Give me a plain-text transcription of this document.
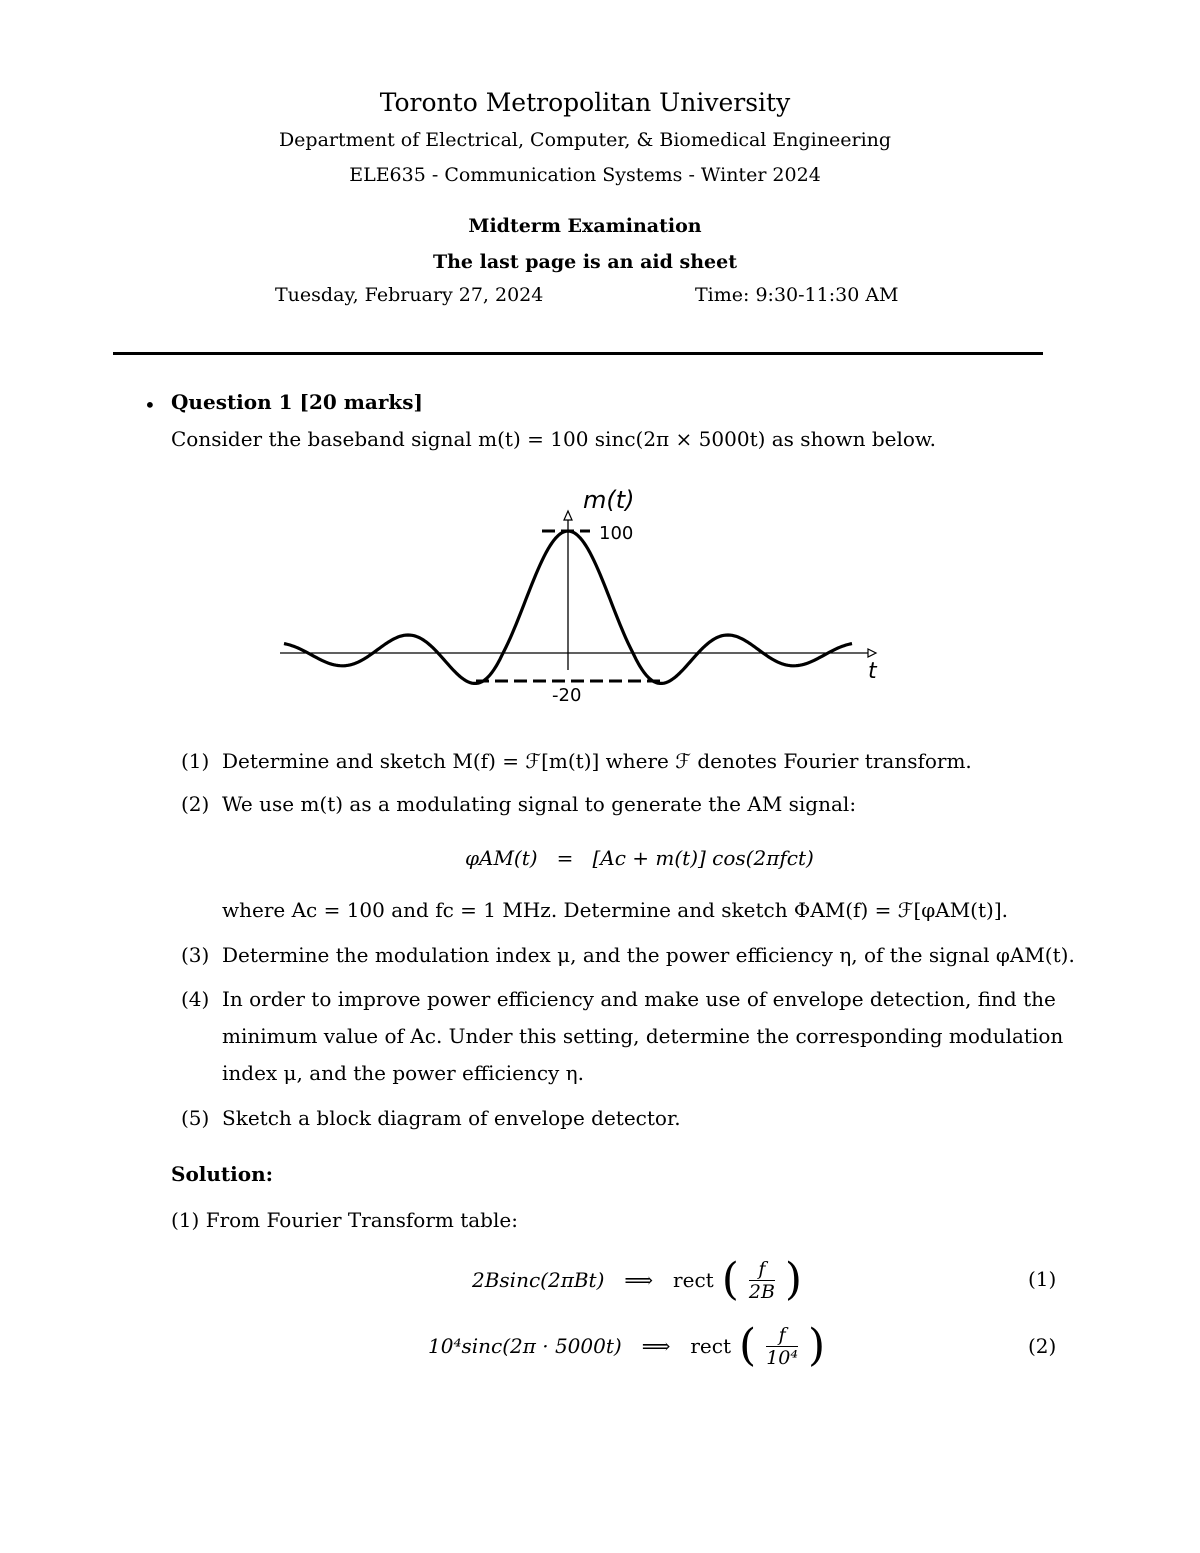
Toronto Metropolitan University
Department of Electrical, Computer, & Biomedical Engineering
ELE635 - Communication Systems - Winter 2024
Midterm Examination
The last page is an aid sheet
Tuesday, February 27, 2024	Time: 9:30-11:30 AM
• Question 1 [20 marks]
Consider the baseband signal m(t) = 100 sinc(2π × 5000t) as shown below.
m(t)
t
100
-20
(1) Determine and sketch M(f) = ℱ[m(t)] where ℱ denotes Fourier transform.
(2) We use m(t) as a modulating signal to generate the AM signal:
φAM(t)   =   [Ac + m(t)] cos(2πfct)
where Ac = 100 and fc = 1 MHz. Determine and sketch ΦAM(f) = ℱ[φAM(t)].
(3) Determine the modulation index μ, and the power efficiency η, of the signal φAM(t).
(4) In order to improve power efficiency and make use of envelope detection, find the
minimum value of Ac. Under this setting, determine the corresponding modulation
index μ, and the power efficiency η.
(5) Sketch a block diagram of envelope detector.
Solution:
(1) From Fourier Transform table:
2Bsinc(2πBt) ⟹ rect ( $\frac{f}{2B}$ )	(1)
10⁴sinc(2π · 5000t) ⟹ rect ( $\frac{f}{\text{10⁴}}$ )	(2)
